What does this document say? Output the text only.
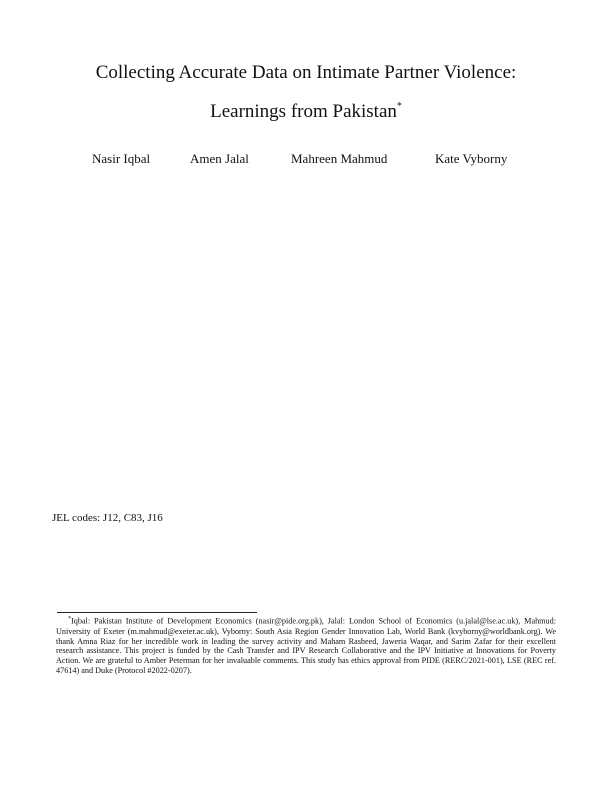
Collecting Accurate Data on Intimate Partner Violence:
Learnings from Pakistan*
Nasir Iqbal	Amen Jalal	Mahreen Mahmud	Kate Vyborny
JEL codes: J12, C83, J16

*Iqbal: Pakistan Institute of Development Economics (nasir@pide.org.pk), Jalal: London School of Economics (u.jalal@lse.ac.uk), Mahmud: University of Exeter (m.mahmud@exeter.ac.uk), Vyborny: South Asia Region Gender Innovation Lab, World Bank (kvyborny@worldbank.org). We thank Amna Riaz for her incredible work in leading the survey activity and Maham Rasheed, Jaweria Waqar, and Sarim Zafar for their excellent research assistance. This project is funded by the Cash Transfer and IPV Research Collaborative and the IPV Initiative at Innovations for Poverty Action. We are grateful to Amber Peterman for her invaluable comments. This study has ethics approval from PIDE (RERC/2021-001), LSE (REC ref. 47614) and Duke (Protocol #2022-0207).
